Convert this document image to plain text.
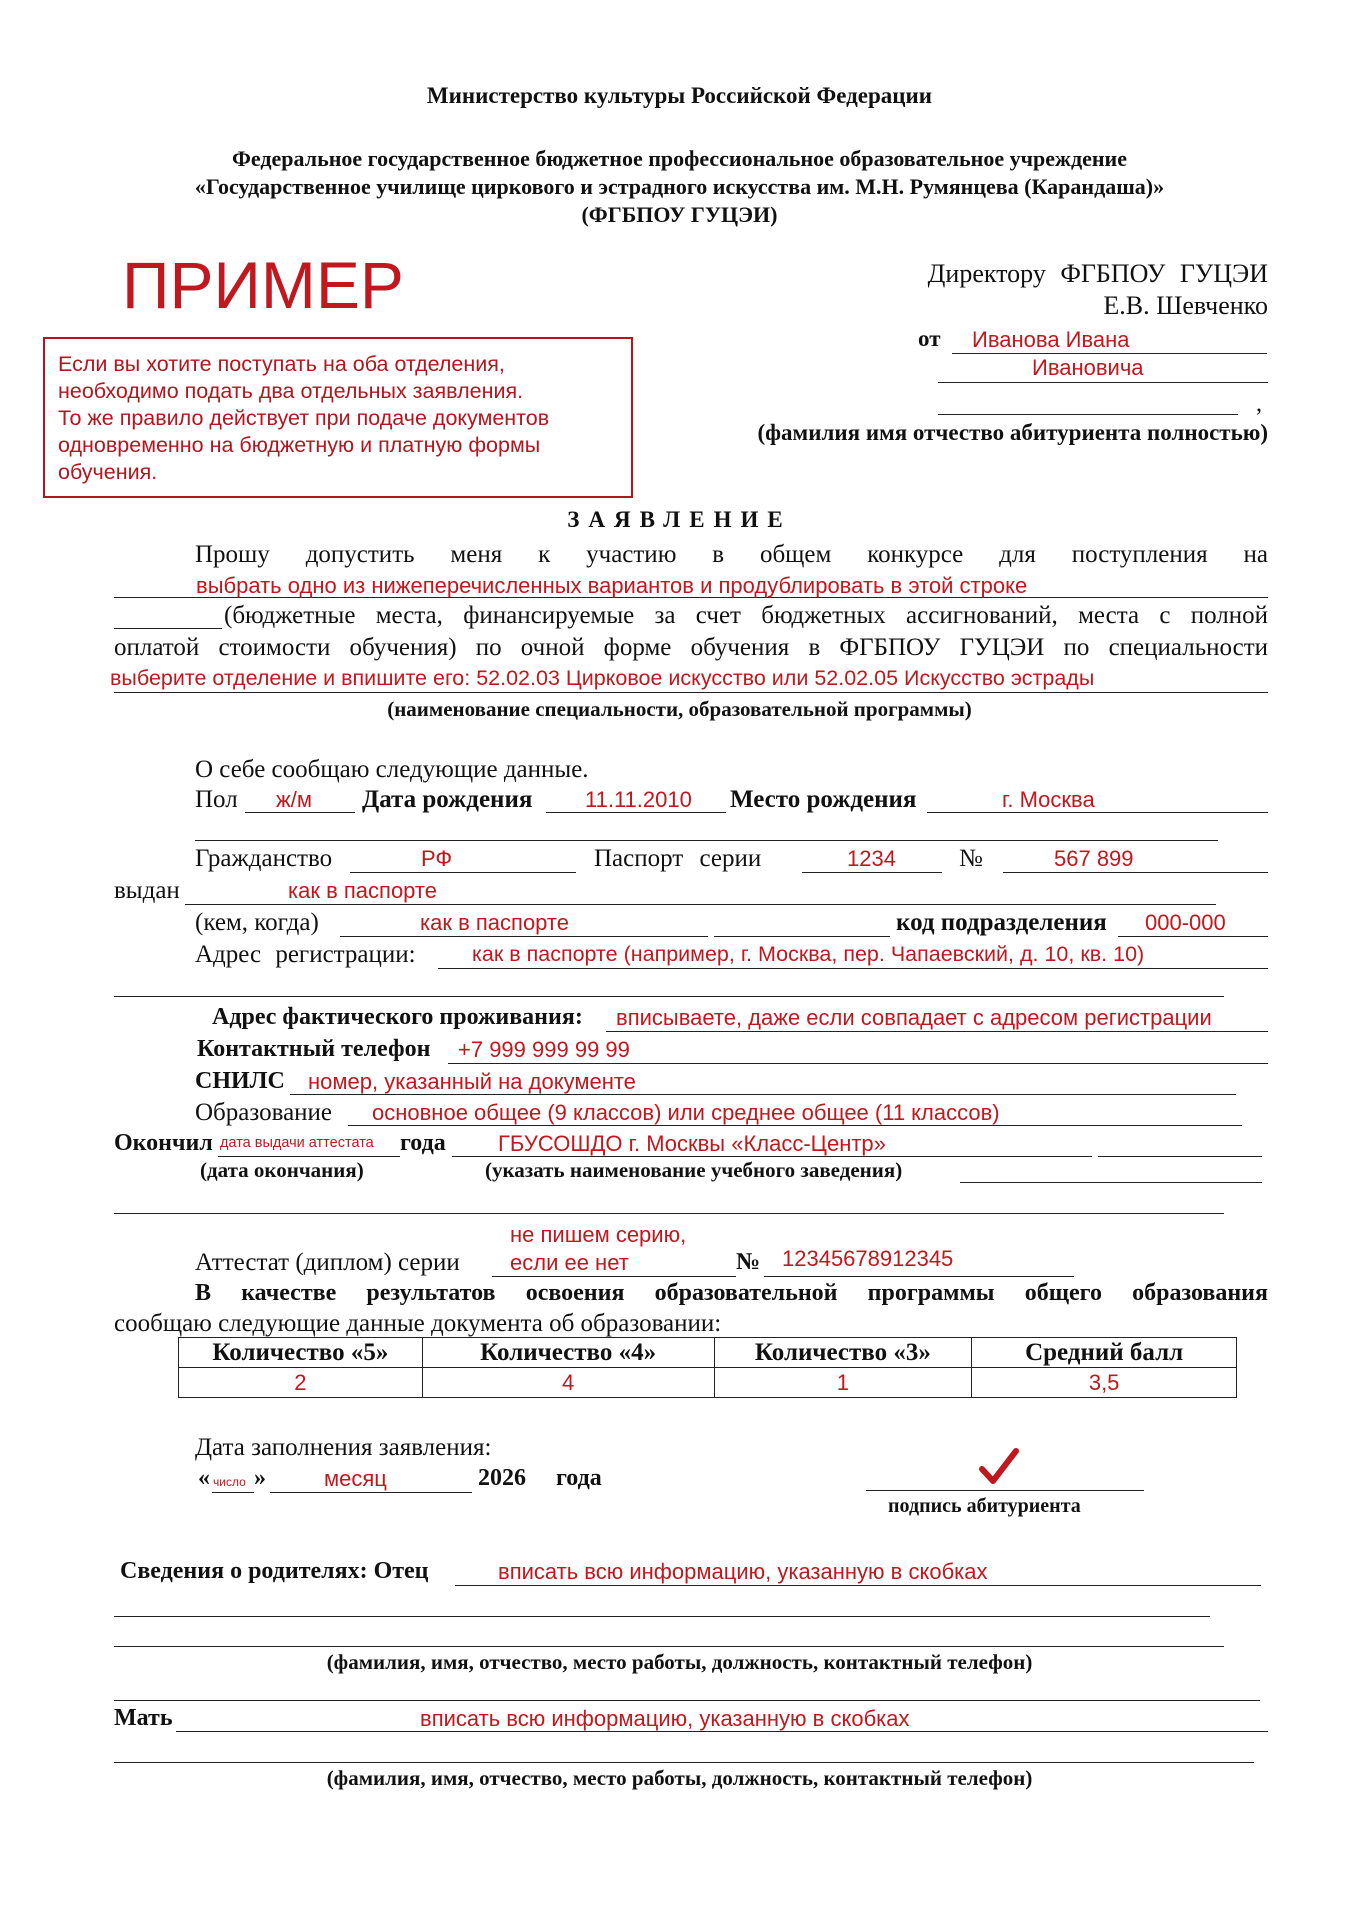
Министерство культуры Российской Федерации
Федеральное государственное бюджетное профессиональное образовательное учреждение
«Государственное училище циркового и эстрадного искусства им. М.Н. Румянцева (Карандаша)»
(ФГБПОУ ГУЦЭИ)
ПРИМЕР
Если вы хотите поступать на оба отделения,
необходимо подать два отдельных заявления.
То же правило действует при подаче документов
одновременно на бюджетную и платную формы
обучения.
Директору ФГБПОУ ГУЦЭИ
Е.В. Шевченко
от Иванова Ивана
Ивановича
,
(фамилия имя отчество абитуриента полностью)
ЗАЯВЛЕНИЕ
Прошу допустить меня к участию в общем конкурсе для поступления на
выбрать одно из нижеперечисленных вариантов и продублировать в этой строке
(бюджетные места, финансируемые за счет бюджетных ассигнований, места с полной
оплатой стоимости обучения) по очной форме обучения в ФГБПОУ ГУЦЭИ по специальности
выберите отделение и впишите его: 52.02.03 Цирковое искусство или 52.02.05 Искусство эстрады
(наименование специальности, образовательной программы)
О себе сообщаю следующие данные.
Пол ж/м Дата рождения 11.11.2010 Место рождения	г. Москва
Гражданство	РФ	Паспорт серии	1234	№	567 899
выдан	как в паспорте
(кем, когда)	как в паспорте	код подразделения 000-000
Адрес регистрации:	как в паспорте (например, г. Москва, пер. Чапаевский, д. 10, кв. 10)
Адрес фактического проживания: вписываете, даже если совпадает с адресом регистрации
Контактный телефон +7 999 999 99 99
СНИЛС номер, указанный на документе
Образование основное общее (9 классов) или среднее общее (11 классов)
Окончил дата выдачи аттестата года ГБУСОШДО г. Москвы «Класс-Центр»
(дата окончания)	(указать наименование учебного заведения)
не пишем серию,
Аттестат (диплом) серии если ее нет	№ 12345678912345
В качестве результатов освоения образовательной программы общего образования
сообщаю следующие данные документа об образовании:
Количество «5»	Количество «4»	Количество «3»	Средний балл
2	4	1	3,5
Дата заполнения заявления:
« число »	месяц	2026 года
подпись абитуриента
Сведения о родителях: Отец	вписать всю информацию, указанную в скобках
(фамилия, имя, отчество, место работы, должность, контактный телефон)
Мать	вписать всю информацию, указанную в скобках
(фамилия, имя, отчество, место работы, должность, контактный телефон)
